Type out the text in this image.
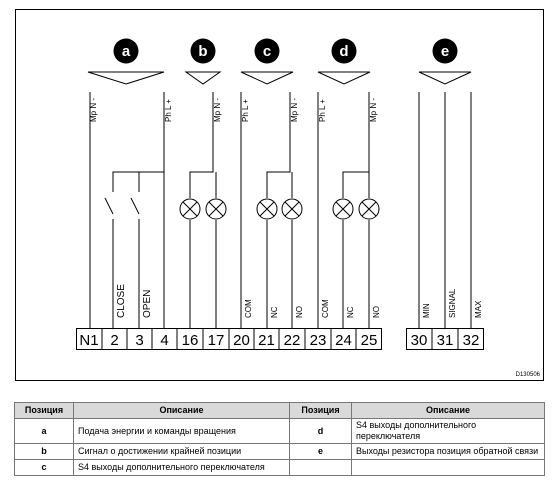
a	b	c	d	e
Mp N -	Ph L +	Mp N - Ph L +	Mp N - Ph L +	Mp N -
CLOSE OPEN	COM NC NO COM NC NO	MIN SIGNAL MAX
N1 2 3 4 16 17 20 21 22 23 24 25 30 31 32
D130506
Позиция	Описание	Позиция	Описание
a	Подача энергии и команды вращения	d	S4 выходы дополнительного переключателя
b	Сигнал о достижении крайней позиции	e	Выходы резистора позиция обратной связи
c	S4 выходы дополнительного переключателя		
